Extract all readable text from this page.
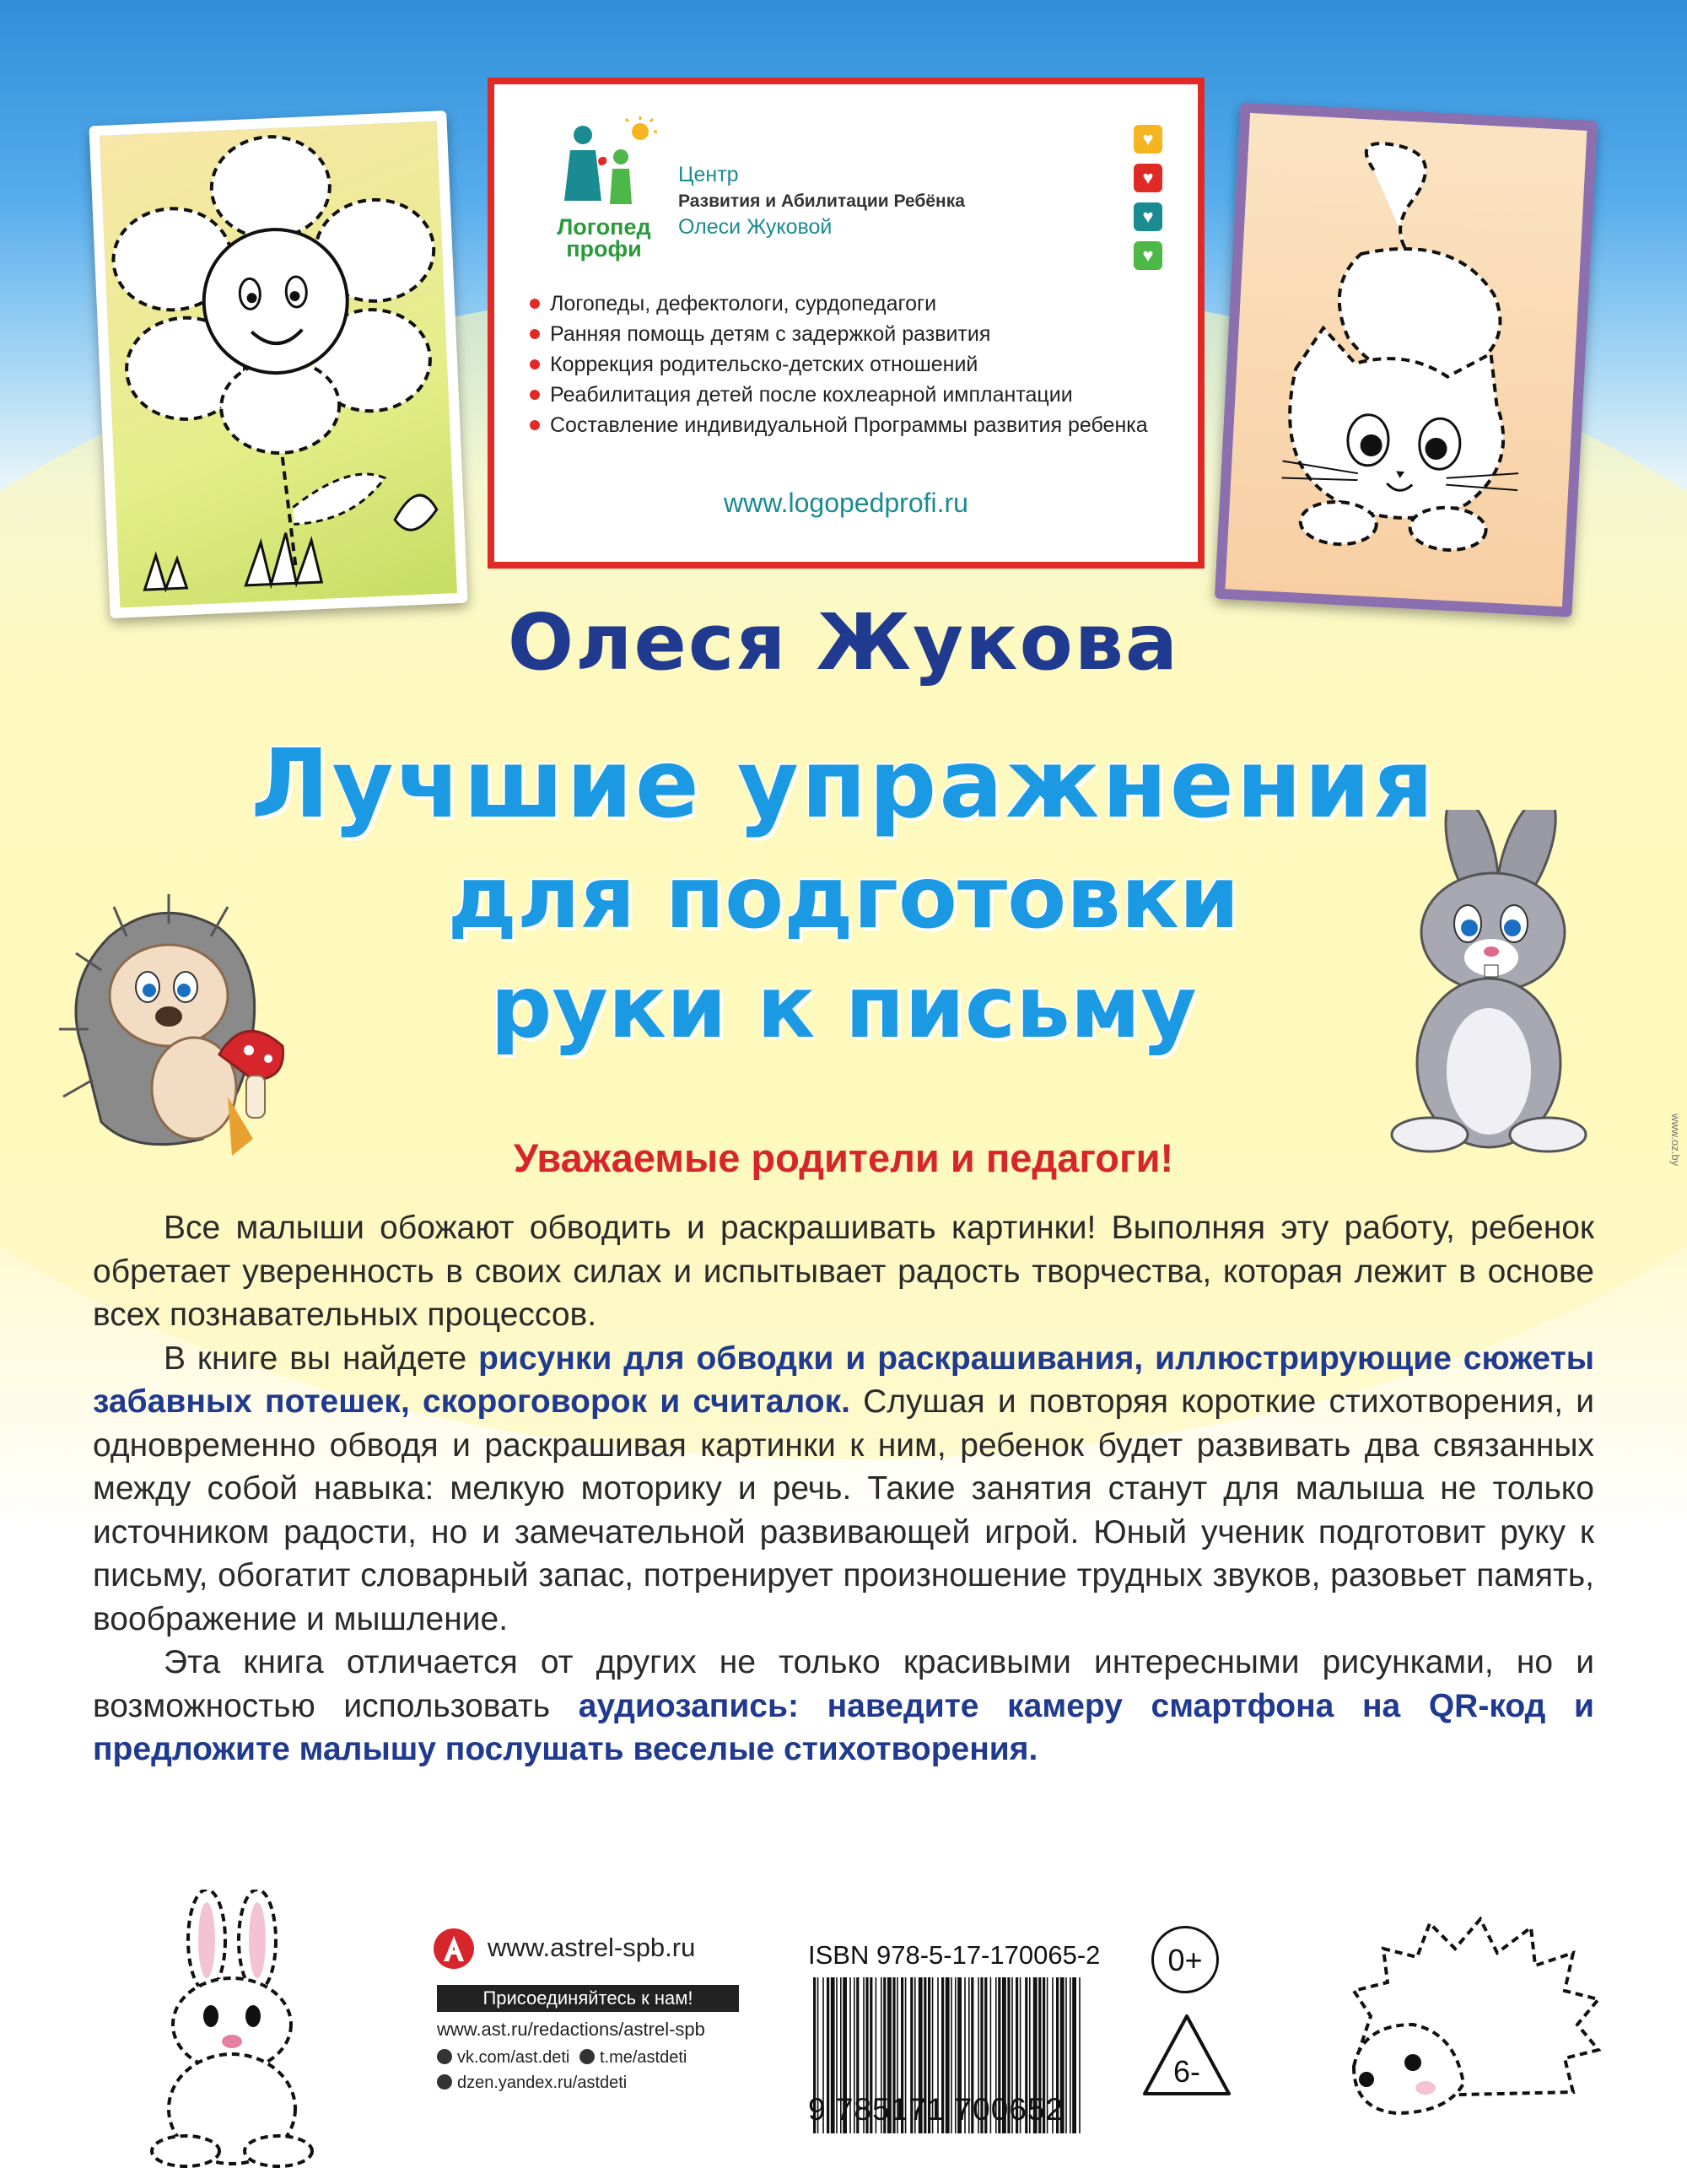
Логопед
профи
Центр
Развития и Абилитации Ребёнка
Олеси Жуковой
♥
♥
♥
♥
Логопеды, дефектологи, сурдопедагоги
Ранняя помощь детям с задержкой развития
Коррекция родительско-детских отношений
Реабилитация детей после кохлеарной имплантации
Составление индивидуальной Программы развития ребенка
www.logopedprofi.ru
Олеся Жукова
Лучшие упражнения
для подготовки
руки к письму
Уважаемые родители и педагоги!

Все малыши обожают обводить и раскрашивать картинки! Выполняя эту работу, ребенок обретает уверенность в своих силах и испытывает радость творчества, которая лежит в основе всех познавательных процессов.

В книге вы найдете рисунки для обводки и раскрашивания, иллюстрирующие сюжеты забавных потешек, скороговорок и считалок. Слушая и повторяя короткие стихотворения, и одновременно обводя и раскрашивая картинки к ним, ребенок будет развивать два связанных между собой навыка: мелкую моторику и речь. Такие занятия станут для малыша не только источником радости, но и замечательной развивающей игрой. Юный ученик подготовит руку к письму, обогатит словарный запас, потренирует произношение трудных звуков, разовьет память, воображение и мышление.

Эта книга отличается от других не только красивыми интересными рисунками, но и возможностью использовать аудиозапись: наведите камеру смартфона на QR-код и предложите малышу послушать веселые стихотворения.

www.astrel-spb.ru
Присоединяйтесь к нам!
www.ast.ru/redactions/astrel-spb
vk.com/ast.deti t.me/astdeti
dzen.yandex.ru/astdeti
ISBN 978-5-17-170065-2
9 785171 700652
0+
6-
www.oz.by
